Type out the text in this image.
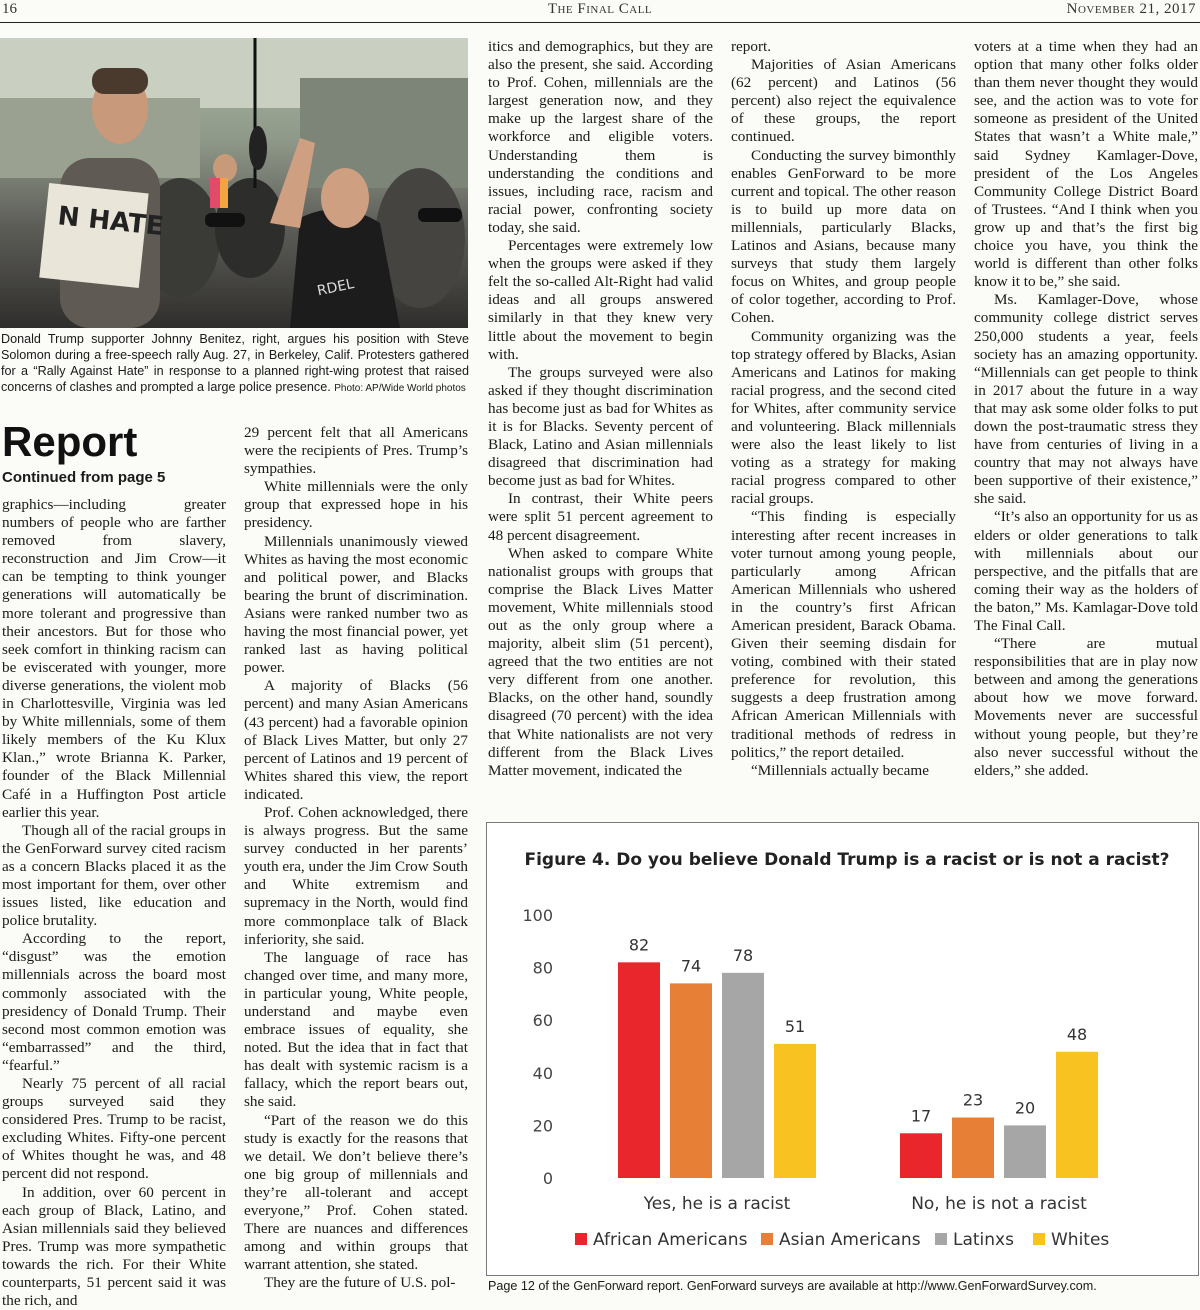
16	The Final Call	November 21, 2017
N HATE
RDEL
Donald Trump supporter Johnny Benitez, right, argues his position with Steve Solomon during a free-speech rally Aug. 27, in Berkeley, Calif. Protesters gathered for a “Rally Against Hate” in response to a planned right-wing protest that raised concerns of clashes and prompted a large police presence. Photo: AP/Wide World photos
Report
Continued from page 5

graphics—including greater numbers of people who are farther removed from slavery, reconstruction and Jim Crow—it can be tempting to think younger generations will automatically be more tolerant and progressive than their ancestors. But for those who seek comfort in thinking racism can be eviscerated with younger, more diverse generations, the violent mob in Charlottesville, Virginia was led by White millennials, some of them likely members of the Ku Klux Klan.,” wrote Brianna K. Parker, founder of the Black Millennial Café in a Huffington Post article earlier this year.

Though all of the racial groups in the GenForward survey cited racism as a concern Blacks placed it as the most important for them, over other issues listed, like education and police brutality.

According to the report, “disgust” was the emotion millennials across the board most commonly associated with the presidency of Donald Trump. Their second most common emotion was “embarrassed” and the third, “fearful.”

Nearly 75 percent of all racial groups surveyed said they considered Pres. Trump to be racist, excluding Whites. Fifty-one percent of Whites thought he was, and 48 percent did not respond.

In addition, over 60 percent in each group of Black, Latino, and Asian millennials said they believed Pres. Trump was more sympathetic towards the rich. For their White counterparts, 51 percent said it was the rich, and

29 percent felt that all Americans were the recipients of Pres. Trump’s sympathies.

White millennials were the only group that expressed hope in his presidency.

Millennials unanimously viewed Whites as having the most economic and political power, and Blacks bearing the brunt of discrimination. Asians were ranked number two as having the most financial power, yet ranked last as having political power.

A majority of Blacks (56 percent) and many Asian Americans (43 percent) had a favorable opinion of Black Lives Matter, but only 27 percent of Latinos and 19 percent of Whites shared this view, the report indicated.

Prof. Cohen acknowledged, there is always progress. But the same survey conducted in her parents’ youth era, under the Jim Crow South and White extremism and supremacy in the North, would find more commonplace talk of Black inferiority, she said.

The language of race has changed over time, and many more, in particular young, White people, understand and maybe even embrace issues of equality, she noted. But the idea that in fact that has dealt with systemic racism is a fallacy, which the report bears out, she said.

“Part of the reason we do this study is exactly for the reasons that we detail. We don’t believe there’s one big group of millennials and they’re all-tolerant and accept everyone,” Prof. Cohen stated. There are nuances and differences among and within groups that warrant attention, she stated.

They are the future of U.S. pol-

itics and demographics, but they are also the present, she said. According to Prof. Cohen, millennials are the largest generation now, and they make up the largest share of the workforce and eligible voters. Understanding them is understanding the conditions and issues, including race, racism and racial power, confronting society today, she said.

Percentages were extremely low when the groups were asked if they felt the so-called Alt-Right had valid ideas and all groups answered similarly in that they knew very little about the movement to begin with.

The groups surveyed were also asked if they thought discrimination has become just as bad for Whites as it is for Blacks. Seventy percent of Black, Latino and Asian millennials disagreed that discrimination had become just as bad for Whites.

In contrast, their White peers were split 51 percent agreement to 48 percent disagreement.

When asked to compare White nationalist groups with groups that comprise the Black Lives Matter movement, White millennials stood out as the only group where a majority, albeit slim (51 percent), agreed that the two entities are not very different from one another. Blacks, on the other hand, soundly disagreed (70 percent) with the idea that White nationalists are not very different from the Black Lives Matter movement, indicated the

report.

Majorities of Asian Americans (62 percent) and Latinos (56 percent) also reject the equivalence of these groups, the report continued.

Conducting the survey bimonthly enables GenForward to be more current and topical. The other reason is to build up more data on millennials, particularly Blacks, Latinos and Asians, because many surveys that study them largely focus on Whites, and group people of color together, according to Prof. Cohen.

Community organizing was the top strategy offered by Blacks, Asian Americans and Latinos for making racial progress, and the second cited for Whites, after community service and volunteering. Black millennials were also the least likely to list voting as a strategy for making racial progress compared to other racial groups.

“This finding is especially interesting after recent increases in voter turnout among young people, particularly among African American Millennials who ushered in the country’s first African American president, Barack Obama. Given their seeming disdain for voting, combined with their stated preference for revolution, this suggests a deep frustration among African American Millennials with traditional methods of redress in politics,” the report detailed.

“Millennials actually became

voters at a time when they had an option that many other folks older than them never thought they would see, and the action was to vote for someone as president of the United States that wasn’t a White male,” said Sydney Kamlager-Dove, president of the Los Angeles Community College District Board of Trustees. “And I think when you grow up and that’s the first big choice you have, you think the world is different than other folks know it to be,” she said.

Ms. Kamlager-Dove, whose community college district serves 250,000 students a year, feels society has an amazing opportunity. “Millennials can get people to think in 2017 about the future in a way that may ask some older folks to put down the post-traumatic stress they have from centuries of living in a country that may not always have been supportive of their existence,” she said.

“It’s also an opportunity for us as elders or older generations to talk with millennials about our perspective, and the pitfalls that are coming their way as the holders of the baton,” Ms. Kamlagar-Dove told The Final Call.

“There are mutual responsibilities that are in play now between and among the generations about how we move forward. Movements never are successful without young people, but they’re also never successful without the elders,” she added.

Figure 4. Do you believe Donald Trump is a racist or is not a racist?
0
20
40
60
80
100
82
74
78
51
17
23 20
48
Yes, he is a racist	No, he is not a racist
African Americans Asian Americans Latinxs Whites
Page 12 of the GenForward report. GenForward surveys are available at http://www.GenForwardSurvey.com.
